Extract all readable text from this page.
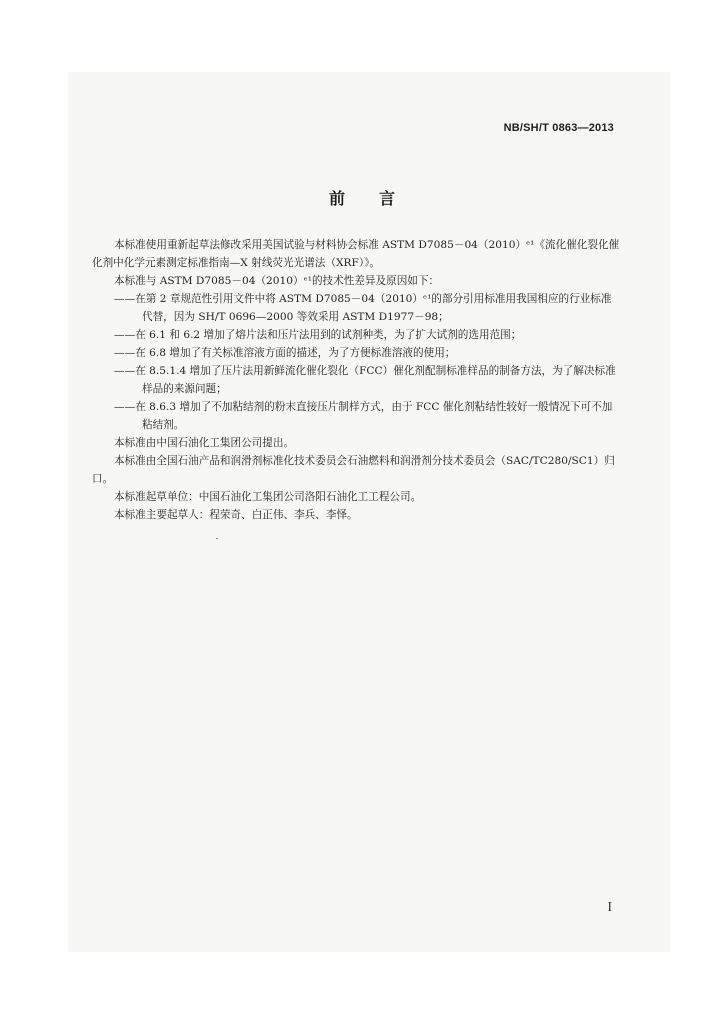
NB/SH/T 0863—2013
前言

本标准使用重新起草法修改采用美国试验与材料协会标准 ASTM D7085－04（2010）ᵉ¹《流化催化裂化催化剂中化学元素测定标准指南—X 射线荧光光谱法（XRF）》。

本标准与 ASTM D7085－04（2010）ᵉ¹的技术性差异及原因如下：

——在第 2 章规范性引用文件中将 ASTM D7085－04（2010）ᵉ¹的部分引用标准用我国相应的行业标准代替，因为 SH/T 0696—2000 等效采用 ASTM D1977－98；

——在 6.1 和 6.2 增加了熔片法和压片法用到的试剂种类，为了扩大试剂的选用范围；

——在 6.8 增加了有关标准溶液方面的描述，为了方便标准溶液的使用；

——在 8.5.1.4 增加了压片法用新鲜流化催化裂化（FCC）催化剂配制标准样品的制备方法，为了解决标准样品的来源问题；

——在 8.6.3 增加了不加粘结剂的粉末直接压片制样方式，由于 FCC 催化剂粘结性较好一般情况下可不加粘结剂。

本标准由中国石油化工集团公司提出。

本标准由全国石油产品和润滑剂标准化技术委员会石油燃料和润滑剂分技术委员会（SAC/TC280/SC1）归口。

本标准起草单位：中国石油化工集团公司洛阳石油化工工程公司。

本标准主要起草人：程荣奇、白正伟、李兵、李怿。

I
